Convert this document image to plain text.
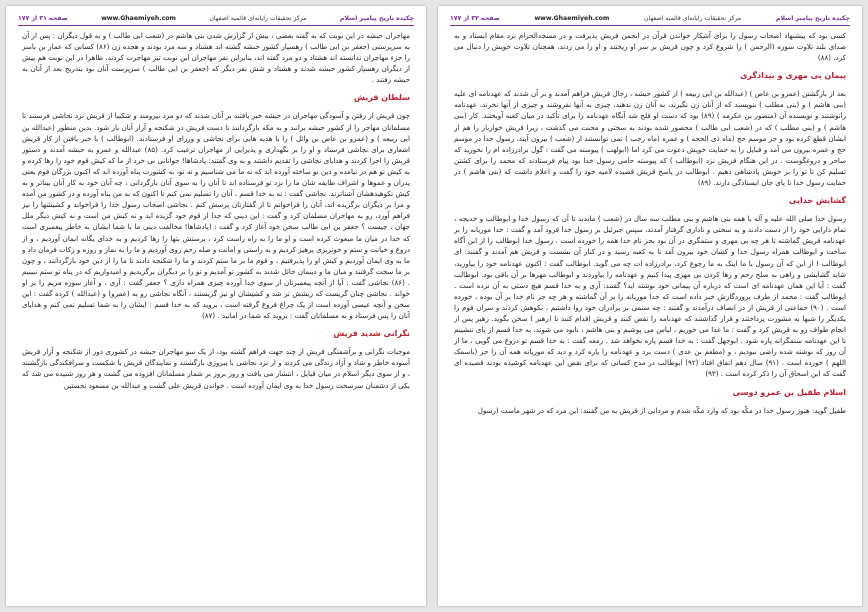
صفحه ۳۱ از ۱۷۷	www.Ghaemiyeh.com	مرکز تحقیقات رایانه‌ای قائمیه اصفهان	چکیده تاریخ پیامبر اسلام

مهاجران حبشه در این نوبت که به گفته بعضی ، بیش از گزارش شدن بنی هاشم در (شعب ابی طالب ) و به قول دیگران : پس از آن به سرپرستی (جعفر بن ابی طالب ) رهسپار کشور حبشه گشته اند هشتاد و سه مرد بودند و هجده زن (۸۶) کسانی که عمار بن یاسر را جزء مهاجران ندانسته اند هشتاد و دو مرد گفته اند، بنابراین نفر مهاجران این نوبت تیز مهاجرت کردند، ظاهرا در این نوبت هم پیش از دیگران رهسپار کشور حبشه شدند و هشتاد و شش نفر دیگر که (جعفر بن ابی طالب ) سرپرست آنان بود بتدریج بعد از آنان به حبشه رفتند .

سلطان قریش

چون قریش از رفتن و آسودگی مهاجران در حبشه خبر یافتند بر آنان شدند که دو مرد نیرومند و شکیبا از قریش نزد نجاشی فرستند تا مسلمانان مهاجر را از کشور حبشه برانند و به مکه بازگردانند تا دست قریش در شکنجه و آزار آنان باز شود. بدین منظور (عبدالله بن ابی ربیعه ) و (عمرو بن عاص بن وائل ) را با هدیه هایی برای نجاشی و وزرای او فرستادند. (ابوطالب ) با خبر یافتن از کار قریش اشعاری برای نجاشی فرستاد و او را بر نگهداری و پذیرایی از مهاجران ترغیب کرد. (۸۵) عبدالله و عمرو به حبشه آمدند و دستور قریش را اجرا کردند و هدایای نجاشی را تقدیم داشتند و به وی گفتند: پادشاها! جوانانی بی خرد از ما که کیش قوم خود را رها کرده و به کیش تو هم در نیامده و دین نو ساخته آورده اند که نه ما می شناسیم و نه تو، به کشورت پناه آورده اند که اکنون بزرگان قوم یعنی پدران و عموها و اشراف طایفه شان ما را نزد تو فرستاده اند تا آنان را به سوی آنان بازگردانی ، چه آنان خود به کار آنان بیناتر و به کیش نکوهیدهشان آشناترند. نجاشی گفت : نه به خدا قسم ، آنان را تسلیم نمی کنم تا اکنون که به من پناه آورده و در کشور من آمده و مرا بر دیگران برگزیده اند، آنان را فراخوانم تا از گفتارتان پرسش کنم . نجاشی اصحاب رسول خدا را فراخواند و کشیشها را نیز فراهم آورد، رو به مهاجران مسلمان کرد و گفت : این دینی که جدا از قوم خود گزیده اید و نه کیش من است و نه کیش دیگر ملل جهان ، چیست ؟ جعفر بن ابی طالب سخن خود آغاز کرد و گفت : (پادشاها! مخالفت دینی ما با شما ایشان به خاطر پیغمبری است که خدا در میان ما مبعوث کرده است و او ما را به راه راست کرد ، پرستش بتها را رها کردیم و به خدای یگانه ایمان آوردیم ، و از دروغ و خیانت و ستم و خونریزی پرهیز کردیم و به راستی و امانت و صله رحم روی آوردیم و ما را به نماز و روزه و زکات فرمان داد و ما به وی ایمان آوردیم و کیش او را پذیرفتیم ، و قوم ما بر ما ستم کردند و ما را شکنجه دادند تا ما را از دین خود بازگردانند ، و چون بر ما سخت گرفتند و میان ما و دینمان حائل شدند به کشور تو آمدیم و تو را بر دیگران برگزیدیم و امیدواریم که در پناه تو ستم نبینیم . (۸۶) نجاشی گفت : آیا از آنچه پیغمبرتان از سوی خدا آورده چیزی همراه داری ؟ جعفر گفت : آری ، و آغاز سوره مریم را بر او خواند . نجاشی چنان گریست که ریشش تر شد و کشیشان او نیز گریستند ، آنگاه نجاشی رو به (عمرو) و (عبدالله ) کرده گفت : این سخن و آنچه عیسی آورده است از یک چراغ فروغ گرفته است ، بروید که به خدا قسم : ایشان را به شما تسلیم نمی کنم و هدایای آنان را پس فرستاد و به مسلمانان گفت : بروید که شما در امانید . (۸۷)

نگرانی شدید قریش

موجبات نگرانی و برآشفتگی قریش از چند جهت فراهم گشته بود، از یک سو مهاجران حبشه در کشوری دور از شکنجه و آزار قریش آسوده خاطر و شاد و آزاد زندگی می کردند و از نزد نجاشی با پیروزی بازگشتند و نمایندگان قریش با شکست و سرافکندگی بازگشتند ، و از سوی دیگر اسلام در میان قبایل ، انتشار می یافت و روز بروز بر شمار مسلمانان افزوده می گشت و هر روز شنیده می شد که یکی از دشمنان سرسخت رسول خدا به وی ایمان آورده است . خواندن قریش علی گشت و عبدالله بن مسعود نخستین

صفحه ۳۲ از ۱۷۷	www.Ghaemiyeh.com	مرکز تحقیقات رایانه‌ای قائمیه اصفهان	چکیده تاریخ پیامبر اسلام

کسی بود که پیشنهاد اصحاب رسول را برای آشکار خواندن قرآن در انجمن قریش پذیرفت و در مسجدالحرام نزد مقام ایستاد و به صدای بلند تلاوت سوره (الرحمن ) را شروع کرد و چون قریش بر سر او ریختند و او را می زدند، همچنان تلاوت خویش را دنبال می کرد. (۸۸)

پیمان بی مهری و بیدادگری

بعد از بازگشتن (عمرو بن عاص ) (عبدالله بن ابی ربیعه ) از کشور حبشه ، رجال قریش فراهم آمدند و بر آن شدند که عهدنامه ای علیه (بنی هاشم ) و (بنی مطلب ) بنویسند که از آنان زن نگیرند، به آنان زن ندهند، چیزی به آنها نفروشند و چیزی از آنها نخرند. عهدنامه رانوشتند و نویسنده آن (منصور بن عکرمه ) (۸۹) بود که دست او فلج شد آنگاه عهدنامه را برای تأکید در میان کعبه آویختند. کار (بنی هاشم ) و (بنی مطلب ) که در (شعب ابی طالب ) محصور شده بودند به سختی و محنت می گذشت ، زیرا قریش خواربار را هم از ایشان قطع کرده بود و جز موسم حج (ماه ذی الحجه ) و عمره (ماه رجب ) نمی توانستند از (شعب ) بیرون آیند. رسول خدا در موسم حج و عمره بیرون می آمد و قبایل را به حمایت خویش دعوت می کرد اما (ابولهب ) پیوسته می گفت : گول برادرزاده ام را نخورید که ساحر و دروغگوست . در این هنگام قریش نزد (ابوطالب ) که پیوسته حامی رسول خدا بود پیام فرستادند که محمد را برای کشتن تسلیم کن تا تو را بر خویش پادشاهی دهیم . ابوطالب در پاسخ قریش قصیده لامیه خود را گفت و اعلام داشت که (بنی هاشم ) در حمایت رسول خدا تا پای جان ایستادگی دارند. (۸۹)

گشایش خدایی

رسول خدا صلی الله علیه و آله با همه بنی هاشم و بنی مطلب سه سال در (شعب ) ماندند تا آن که رسول خدا و ابوطالب و خدیجه ، تمام دارایی خود را از دست دادند و به سختی و ناداری گرفتار آمدند، سپس جبرئیل بر رسول خدا فرود آمد و گفت : خدا موریانه را بر عهدنامه قریش گماشته تا هر چه بی مهری و ستمگری در آن بود بجز نام خدا همه را خورده است . رسول خدا ابوطالب را از این آگاه ساخت و ابوطالب همراه رسول خدا و کسان خود بیرون آمد تا به کعبه رسید و در کنار آن نشست و قریش هم آمدند و گفتند: ای ابوطالب ! از این که آن رسول با ما اینک به ما رجوع کرد، برادرزاده ات چه می گوید. ابوطالب گفت : اکنون عهدنامه خود را بیاورید، شاید گشایشی و راهی به صلح رحم و رها کردن بی مهری پیدا کنیم و عهدنامه را بیاوردند و ابوطالب مهرها بر آن باقی بود. ابوطالب گفت : آیا این همان عهدنامه ای است که درباره آن پیمانی خود نوشته اید؟ گفتند: آری و به خدا قسم هیچ دستی به آن نزده است . ابوطالب گفت : محمد از طرف پروردگارش خبر داده است که خدا موریانه را بر آن گماشته و هر چه جز نام خدا بر آن بوده ، خورده است . (۹۰) جماعتی از قریش از در انصاف درآمدند و گفتند : چه ستمی بر برادران خود روا داشتیم ، نکوهش کردند و سران قوم را یکدیگر را شبها به مشورت پرداختند و قرار گذاشتند که عهدنامه را نقض کنند و قریش اقدام کنند تا (زهیر ) سخن بگوید. زهیر پس از انجام طواف رو به قریش کرد و گفت : ما غذا می خوریم ، لباس می پوشیم و بنی هاشم ، نابود می شوند، به خدا قسم از پای ننشینم تا این عهدنامه ستمگرانه پاره شود . ابوجهل گفت : به خدا قسم پاره نخواهد شد . زمعه گفت : به خدا قسم تو دروغ می گویی ، ما از آن روز که نوشته شده راضی نبودیم ، و (مطعم بن عدی ) دست برد و عهدنامه را پاره کرد و دید که موریانه همه آن را جز (باسمک اللهم ) خورده است . (۹۱) سال دهم اتفاق افتاد (۹۲) ابوطالب در مدح کسانی که برای نقض این عهدنامه کوشیده بودند قصیده ای گفت که ابن اسحاق آن را ذکر کرده است . (۹۳)

اسلام طفیل بن عمرو دوسی

طفیل گوید: هنوز رسول خدا در مکّه بود که وارد مکّه شدم و مردانی از قریش به من گفتند: این مرد که در شهر ماست (رسول
